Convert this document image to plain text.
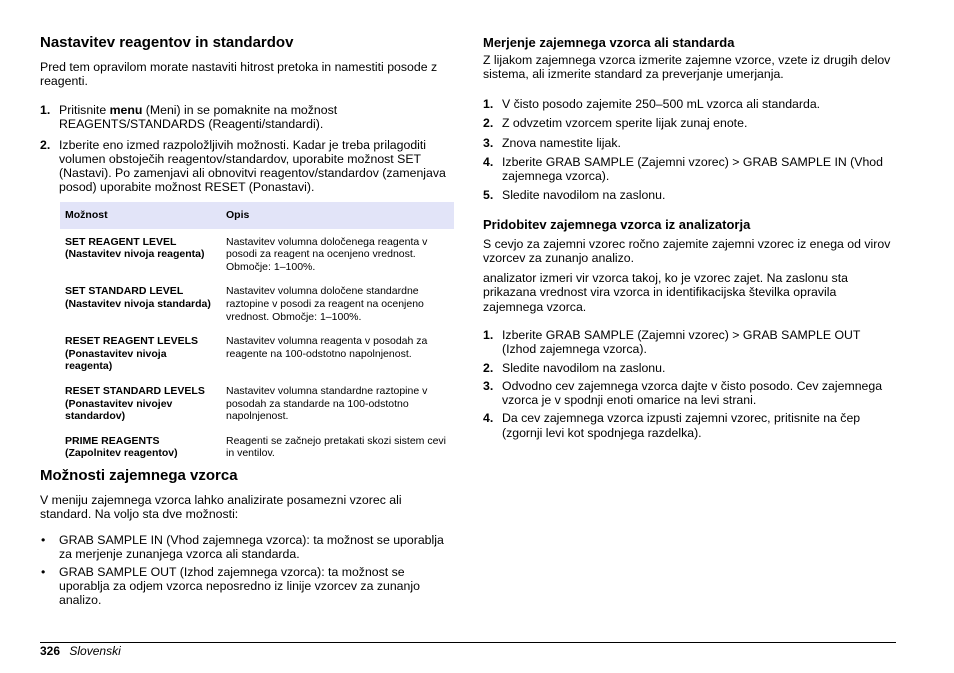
Nastavitev reagentov in standardov

Pred tem opravilom morate nastaviti hitrost pretoka in namestiti posode z reagenti.

1. Pritisnite menu (Meni) in se pomaknite na možnost REAGENTS/STANDARDS (Reagenti/standardi).
2. Izberite eno izmed razpoložljivih možnosti. Kadar je treba prilagoditi volumen obstoječih reagentov/standardov, uporabite možnost SET (Nastavi). Po zamenjavi ali obnovitvi reagentov/standardov (zamenjava posod) uporabite možnost RESET (Ponastavi).
Možnost	Opis
SET REAGENT LEVEL (Nastavitev nivoja reagenta)	Nastavitev volumna določenega reagenta v posodi za reagent na ocenjeno vrednost. Območje: 1–100%.
SET STANDARD LEVEL (Nastavitev nivoja standarda)	Nastavitev volumna določene standardne raztopine v posodi za reagent na ocenjeno vrednost. Območje: 1–100%.
RESET REAGENT LEVELS (Ponastavitev nivoja reagenta)	Nastavitev volumna reagenta v posodah za reagente na 100-odstotno napolnjenost.
RESET STANDARD LEVELS (Ponastavitev nivojev standardov)	Nastavitev volumna standardne raztopine v posodah za standarde na 100-odstotno napolnjenost.
PRIME REAGENTS (Zapolnitev reagentov)	Reagenti se začnejo pretakati skozi sistem cevi in ventilov.
Možnosti zajemnega vzorca

V meniju zajemnega vzorca lahko analizirate posamezni vzorec ali standard. Na voljo sta dve možnosti:

• GRAB SAMPLE IN (Vhod zajemnega vzorca): ta možnost se uporablja za merjenje zunanjega vzorca ali standarda.
• GRAB SAMPLE OUT (Izhod zajemnega vzorca): ta možnost se uporablja za odjem vzorca neposredno iz linije vzorcev za zunanjo analizo.
Merjenje zajemnega vzorca ali standarda

Z lijakom zajemnega vzorca izmerite zajemne vzorce, vzete iz drugih delov sistema, ali izmerite standard za preverjanje umerjanja.

1. V čisto posodo zajemite 250–500 mL vzorca ali standarda.
2. Z odvzetim vzorcem sperite lijak zunaj enote.
3. Znova namestite lijak.
4. Izberite GRAB SAMPLE (Zajemni vzorec) > GRAB SAMPLE IN (Vhod zajemnega vzorca).
5. Sledite navodilom na zaslonu.
Pridobitev zajemnega vzorca iz analizatorja

S cevjo za zajemni vzorec ročno zajemite zajemni vzorec iz enega od virov vzorcev za zunanjo analizo.

analizator izmeri vir vzorca takoj, ko je vzorec zajet. Na zaslonu sta prikazana vrednost vira vzorca in identifikacijska številka opravila zajemnega vzorca.

1. Izberite GRAB SAMPLE (Zajemni vzorec) > GRAB SAMPLE OUT (Izhod zajemnega vzorca).
2. Sledite navodilom na zaslonu.
3. Odvodno cev zajemnega vzorca dajte v čisto posodo. Cev zajemnega vzorca je v spodnji enoti omarice na levi strani.
4. Da cev zajemnega vzorca izpusti zajemni vzorec, pritisnite na čep (zgornji levi kot spodnjega razdelka).
326 Slovenski
